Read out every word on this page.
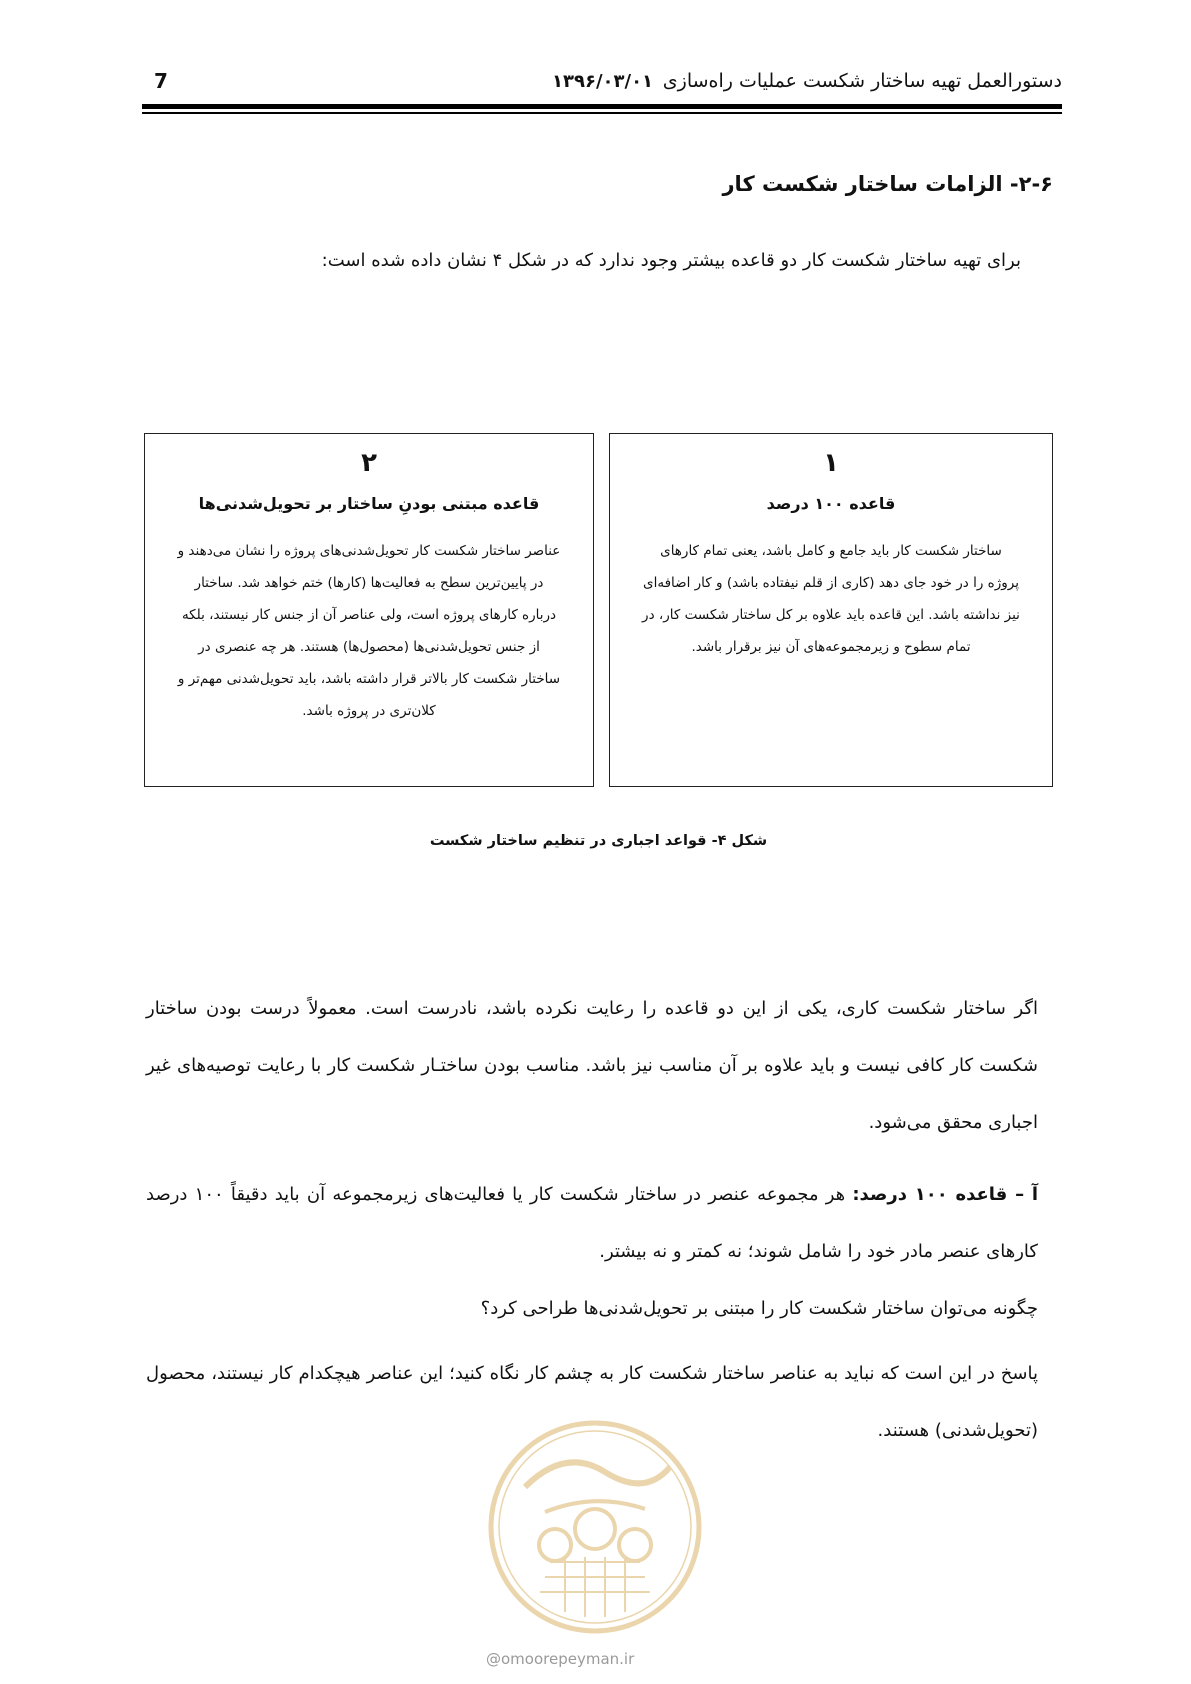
دستورالعمل تهیه ساختار شکست عملیات راه‌سازی
۱۳۹۶/۰۳/۰۱
7
۲-۶- الزامات ساختار شکست کار
برای تهیه ساختار شکست کار دو قاعده بیشتر وجود ندارد که در شکل ۴ نشان داده شده است:
۱
قاعده ۱۰۰ درصد
ساختار شکست کار باید جامع و کامل باشد، یعنی تمام کارهای
پروژه را در خود جای دهد (کاری از قلم نیفتاده باشد) و کار اضافه‌ای
نیز نداشته باشد. این قاعده باید علاوه بر کل ساختار شکست کار، در
تمام سطوح و زیرمجموعه‌های آن نیز برقرار باشد.
۲
قاعده مبتنی بودنِ ساختار بر تحویل‌شدنی‌ها
عناصر ساختار شکست کار تحویل‌شدنی‌های پروژه را نشان می‌دهند و
در پایین‌ترین سطح به فعالیت‌ها (کارها) ختم خواهد شد. ساختار
درباره کارهای پروژه است، ولی عناصر آن از جنس کار نیستند، بلکه
از جنس تحویل‌شدنی‌ها (محصول‌ها) هستند. هر چه عنصری در
ساختار شکست کار بالاتر قرار داشته باشد، باید تحویل‌شدنی مهم‌تر و
کلان‌تری در پروژه باشد.
شکل ۴- قواعد اجباری در تنظیم ساختار شکست
اگر ساختار شکست کاری، یکی از این دو قاعده را رعایت نکرده باشد، نادرست است. معمولاً درست بودن ساختار شکست کار کافی نیست و باید علاوه بر آن مناسب نیز باشد. مناسب بودن ساختـار شکست کار با رعایت توصیه‌های غیر اجباری محقق می‌شود.
آ – قاعده ۱۰۰ درصد: هر مجموعه عنصر در ساختار شکست کار یا فعالیت‌های زیرمجموعه آن باید دقیقاً ۱۰۰ درصد کارهای عنصر مادر خود را شامل شوند؛ نه کمتر و نه بیشتر.
چگونه می‌توان ساختار شکست کار را مبتنی بر تحویل‌شدنی‌ها طراحی کرد؟
پاسخ در این است که نباید به عناصر ساختار شکست کار به چشم کار نگاه کنید؛ این عناصر هیچکدام کار نیستند، محصول (تحویل‌شدنی) هستند.
@omoorepeyman.ir
